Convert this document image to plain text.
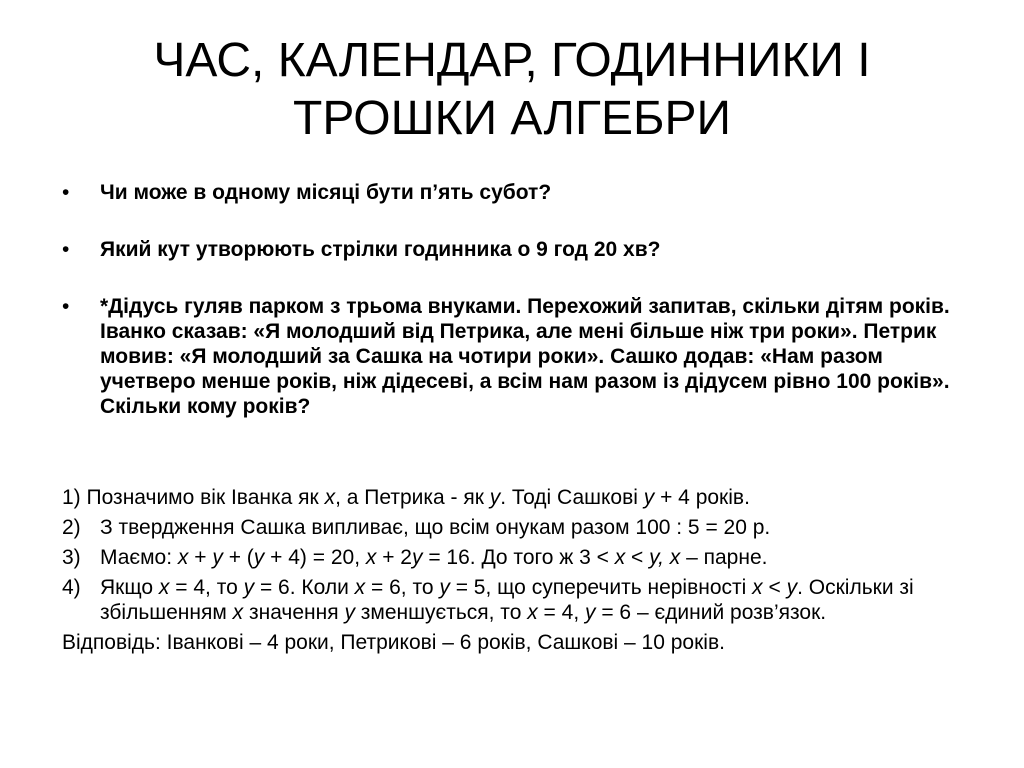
ЧАС, КАЛЕНДАР, ГОДИННИКИ І
ТРОШКИ АЛГЕБРИ
• Чи може в одному місяці бути п’ять субот?
• Який кут утворюють стрілки годинника о 9 год 20 хв?
• *Дідусь гуляв парком з трьома внуками. Перехожий запитав, скільки дітям років. Іванко сказав: «Я молодший від Петрика, але мені більше ніж три роки». Петрик мовив: «Я молодший за Сашка на чотири роки». Сашко додав: «Нам разом учетверо менше років, ніж дідесеві, а всім нам разом із дідусем рівно 100 років». Скільки кому років?
1) Позначимо вік Іванка як x, а Петрика - як y. Тоді Сашкові y + 4 років.
2) З твердження Сашка випливає, що всім онукам разом 100 : 5 = 20 р.
3) Маємо: x + y + (y + 4) = 20, x + 2y = 16. До того ж 3 < x < y, x – парне.
4) Якщо x = 4, то y = 6. Коли x = 6, то y = 5, що суперечить нерівності x < y. Оскільки зі збільшенням x значення y зменшується, то x = 4, y = 6 – єдиний розв’язок.
Відповідь: Іванкові – 4 роки, Петрикові – 6 років, Сашкові – 10 років.
